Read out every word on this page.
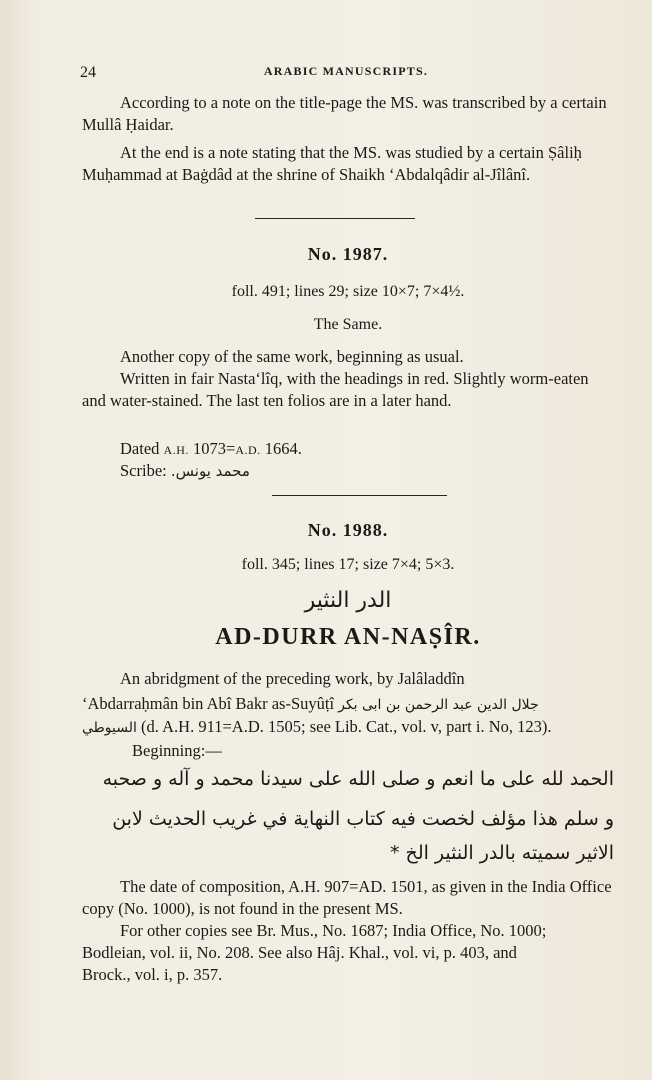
24	ARABIC MANUSCRIPTS.

According to a note on the title-page the MS. was transcribed by a certain Mullâ Ḥaidar.

At the end is a note stating that the MS. was studied by a certain Ṣâliḥ Muḥammad at Baġdâd at the shrine of Shaikh ‘Abdalqâdir al-Jîlânî.

No. 1987.
foll. 491; lines 29; size 10×7; 7×4½.
The Same.

Another copy of the same work, beginning as usual.

Written in fair Nasta‘lîq, with the headings in red. Slightly worm-eaten and water-stained. The last ten folios are in a later hand.

Dated A.H. 1073=A.D. 1664.

Scribe: محمد يونس.

No. 1988.
foll. 345; lines 17; size 7×4; 5×3.
الدر النثير
AD-DURR AN-NAṢÎR.

An abridgment of the preceding work, by Jalâladdîn

‘Abdarraḥmân bin Abî Bakr as-Suyûṭî جلال الدين عبد الرحمن بن ابى بكر

السيوطي (d. A.H. 911=A.D. 1505; see Lib. Cat., vol. v, part i. No, 123).

Beginning:—

الحمد لله على ما انعم و صلى الله على سيدنا محمد و آله و صحبه
و سلم هذا مؤلف لخصت فيه كتاب النهاية في غريب الحديث لابن
الاثير سميته بالدر النثير الخ *

The date of composition, A.H. 907=AD. 1501, as given in the India Office copy (No. 1000), is not found in the present MS.

For other copies see Br. Mus., No. 1687; India Office, No. 1000; Bodleian, vol. ii, No. 208. See also Hâj. Khal., vol. vi, p. 403, and

Brock., vol. i, p. 357.
